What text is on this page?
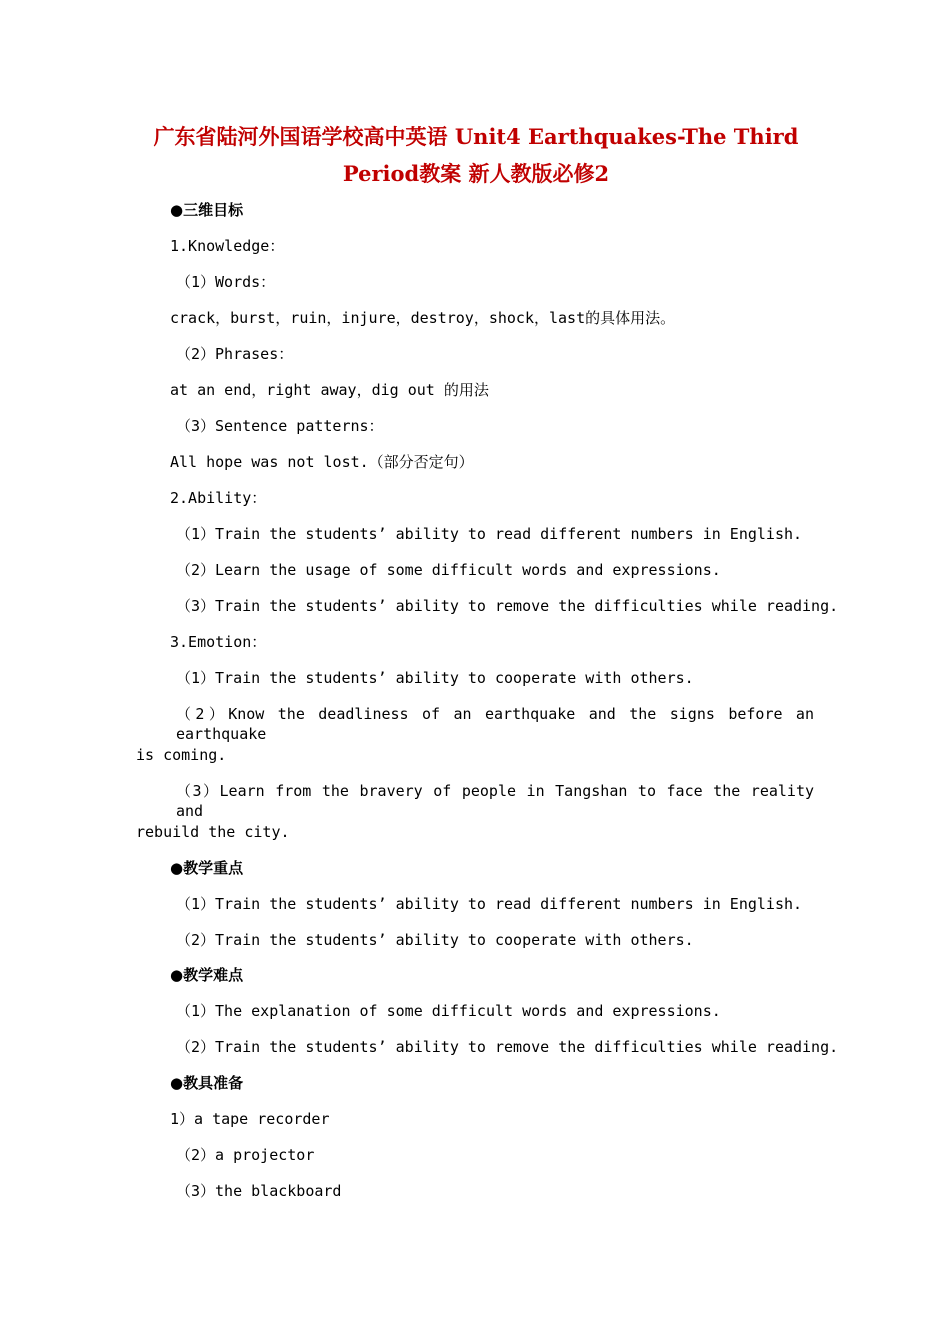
广东省陆河外国语学校高中英语 Unit4 Earthquakes-The Third Period教案 新人教版必修2

●三维目标

1.Knowledge：

（1）Words：

crack，burst，ruin，injure，destroy，shock，last的具体用法。

（2）Phrases：

at an end，right away，dig out 的用法

（3）Sentence patterns：

All hope was not lost.（部分否定句）

2.Ability：

（1）Train the students’ ability to read different numbers in English.

（2）Learn the usage of some difficult words and expressions.

（3）Train the students’ ability to remove the difficulties while reading.

3.Emotion：

（1）Train the students’ ability to cooperate with others.

（2）Know the deadliness of an earthquake and the signs before an earthquake

is coming.

（3）Learn from the bravery of people in Tangshan to face the reality and

rebuild the city.

●教学重点

（1）Train the students’ ability to read different numbers in English.

（2）Train the students’ ability to cooperate with others.

●教学难点

（1）The explanation of some difficult words and expressions.

（2）Train the students’ ability to remove the difficulties while reading.

●教具准备

1）a tape recorder

（2）a projector

（3）the blackboard
